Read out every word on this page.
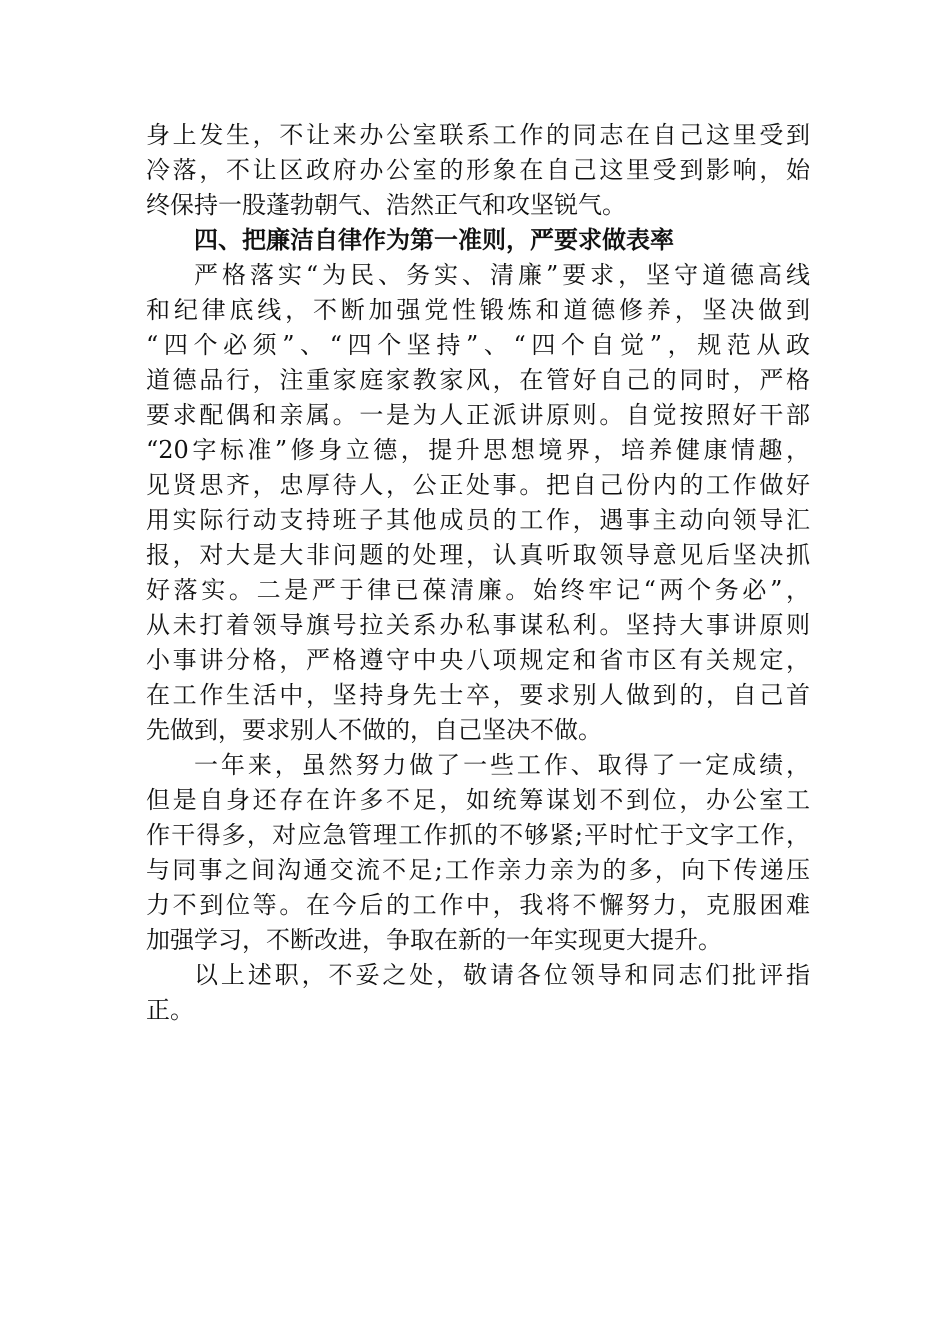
身上发生，不让来办公室联系工作的同志在自己这里受到
冷落，不让区政府办公室的形象在自己这里受到影响，始
终保持一股蓬勃朝气、浩然正气和攻坚锐气。
四、把廉洁自律作为第一准则，严要求做表率
严格落实“为民、务实、清廉”要求，坚守道德高线
和纪律底线，不断加强党性锻炼和道德修养，坚决做到
“四个必须”、“四个坚持”、“四个自觉”，规范从政
道德品行，注重家庭家教家风，在管好自己的同时，严格
要求配偶和亲属。一是为人正派讲原则。自觉按照好干部
“20字标准”修身立德，提升思想境界，培养健康情趣，
见贤思齐，忠厚待人，公正处事。把自己份内的工作做好
用实际行动支持班子其他成员的工作，遇事主动向领导汇
报，对大是大非问题的处理，认真听取领导意见后坚决抓
好落实。二是严于律已葆清廉。始终牢记“两个务必”，
从未打着领导旗号拉关系办私事谋私利。坚持大事讲原则
小事讲分格，严格遵守中央八项规定和省市区有关规定，
在工作生活中，坚持身先士卒，要求别人做到的，自己首
先做到，要求别人不做的，自己坚决不做。
一年来，虽然努力做了一些工作、取得了一定成绩，
但是自身还存在许多不足，如统筹谋划不到位，办公室工
作干得多，对应急管理工作抓的不够紧;平时忙于文字工作，
与同事之间沟通交流不足;工作亲力亲为的多，向下传递压
力不到位等。在今后的工作中，我将不懈努力，克服困难
加强学习，不断改进，争取在新的一年实现更大提升。
以上述职，不妥之处，敬请各位领导和同志们批评指
正。
